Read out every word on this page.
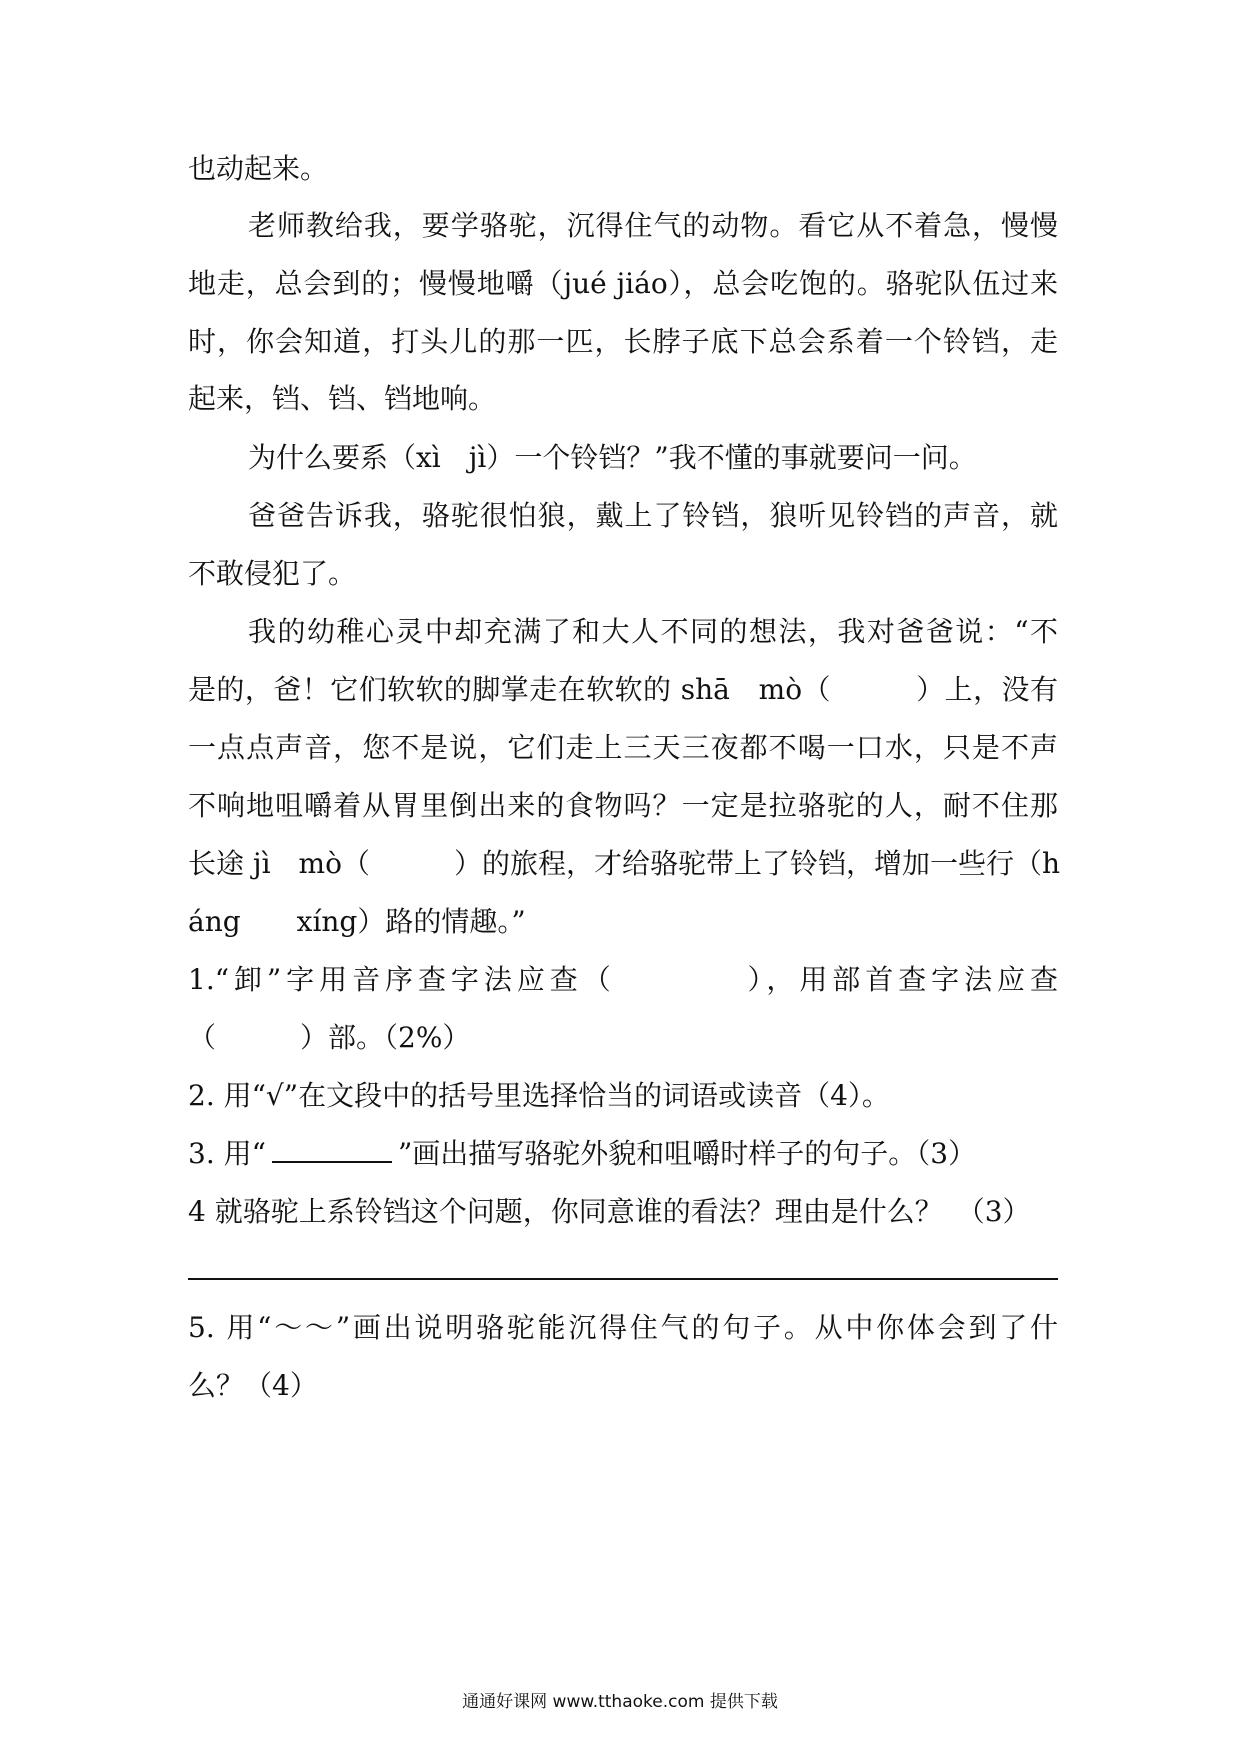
也动起来。
老师教给我，要学骆驼，沉得住气的动物。看它从不着急，慢慢
地走，总会到的；慢慢地嚼（jué jiáo），总会吃饱的。骆驼队伍过来
时，你会知道，打头儿的那一匹，长脖子底下总会系着一个铃铛，走
起来，铛、铛、铛地响。
为什么要系（xì　jì）一个铃铛？”我不懂的事就要问一问。
爸爸告诉我，骆驼很怕狼，戴上了铃铛，狼听见铃铛的声音，就
不敢侵犯了。
我的幼稚心灵中却充满了和大人不同的想法，我对爸爸说：“不
是的，爸！它们软软的脚掌走在软软的 shā　mò（　　　）上，没有
一点点声音，您不是说，它们走上三天三夜都不喝一口水，只是不声
不响地咀嚼着从胃里倒出来的食物吗？一定是拉骆驼的人，耐不住那
长途 jì　mò（　　　）的旅程，才给骆驼带上了铃铛，增加一些行（h
áng　　xíng）路的情趣。”
1.“卸”字用音序查字法应查（　　　　），用部首查字法应查
（　　　）部。（2%）
2. 用“√”在文段中的括号里选择恰当的词语或读音（4）。
3. 用“	”画出描写骆驼外貌和咀嚼时样子的句子。（3）
4 就骆驼上系铃铛这个问题，你同意谁的看法？理由是什么？　（3）
5. 用“～～”画出说明骆驼能沉得住气的句子。从中你体会到了什
么？（4）
通通好课网 www.tthaoke.com 提供下载
